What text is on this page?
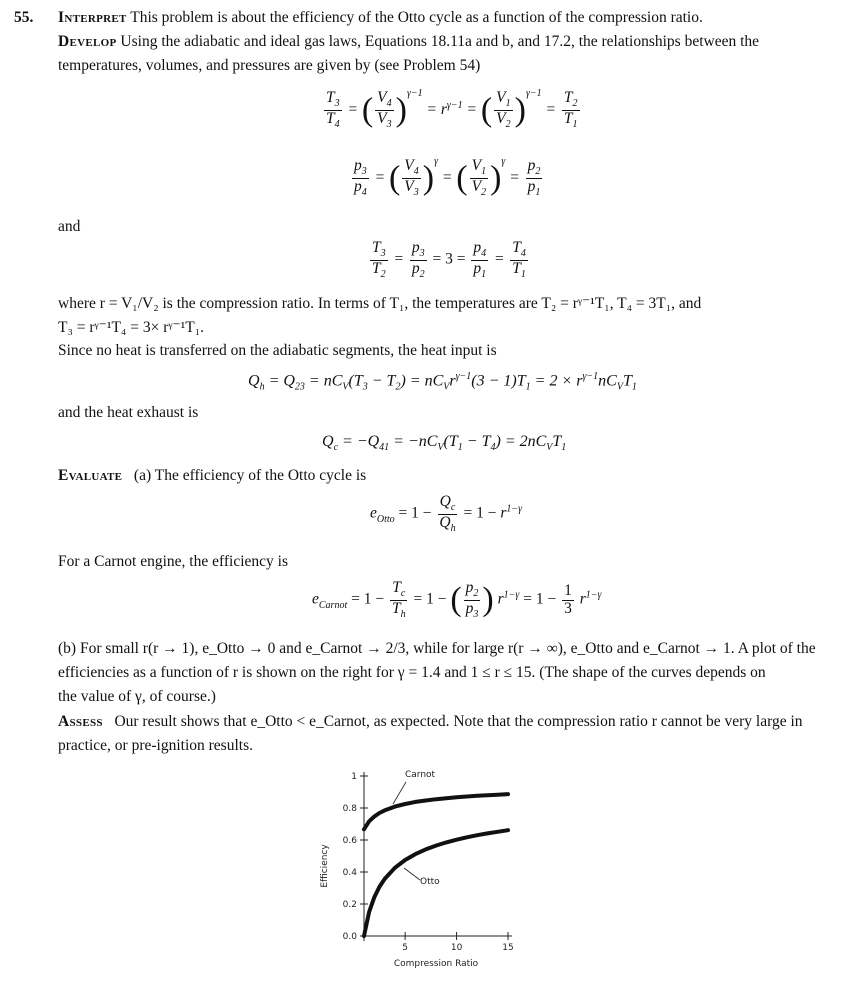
55. Interpret This problem is about the efficiency of the Otto cycle as a function of the compression ratio.
Develop Using the adiabatic and ideal gas laws, Equations 18.11a and b, and 17.2, the relationships between the
temperatures, volumes, and pressures are given by (see Problem 54)
$\frac{T_3}{T_4}$ = ( $\frac{V_4}{V_3} )^{\gamma-1} = r^{\gamma-1}$ = ( $\frac{V_1}{V_2} )^{\gamma-1} = \frac{T_2}{T_1}$
$\frac{p_3}{p_4}$ = ( $\frac{V_4}{V_3} )^\gamma$ = ( $\frac{V_1}{V_2} )^\gamma = \frac{p_2}{p_1}$
and
$\frac{T_3}{T_2} = \frac{p_3}{p_2} = 3 = \frac{p_4}{p_1} = \frac{T_4}{T_1}$
where r = V₁/V₂ is the compression ratio. In terms of T₁, the temperatures are T₂ = rᵞ⁻¹T₁, T₄ = 3T₁, and
T₃ = rᵞ⁻¹T₄ = 3× rᵞ⁻¹T₁.
Since no heat is transferred on the adiabatic segments, the heat input is
$Q_h = Q_{23} = nC_V(T_3 - T_2) = nC_Vr^{\gamma-1}(3 - 1)T_1 = 2 \times r^{\gamma-1}nC_VT_1$
and the heat exhaust is
$Q_c = -Q_{41} = -nC_V(T_1 - T_4) = 2nC_VT_1$
Evaluate (a) The efficiency of the Otto cycle is
$e_{Otto} = 1 - \frac{Q_c}{Q_h} = 1 - r^{1-\gamma}$
For a Carnot engine, the efficiency is
$e_{Carnot} = 1 - \frac{T_c}{T_h} = 1$ − ( $\frac{p_2}{p_3}$ ) $r^{1-\gamma} = 1 - \frac{1}{3} r^{1-\gamma}$
(b) For small r(r → 1), e_Otto → 0 and e_Carnot → 2/3, while for large r(r → ∞), e_Otto and e_Carnot → 1. A plot of the
efficiencies as a function of r is shown on the right for γ = 1.4 and 1 ≤ r ≤ 15. (The shape of the curves depends on
the value of γ, of course.)
Assess Our result shows that e_Otto < e_Carnot, as expected. Note that the compression ratio r cannot be very large in
practice, or pre-ignition results.
0.0
0.2
0.4
0.6
0.8
1
5	10	15
Carnot
Otto
Compression Ratio
Efficiency
